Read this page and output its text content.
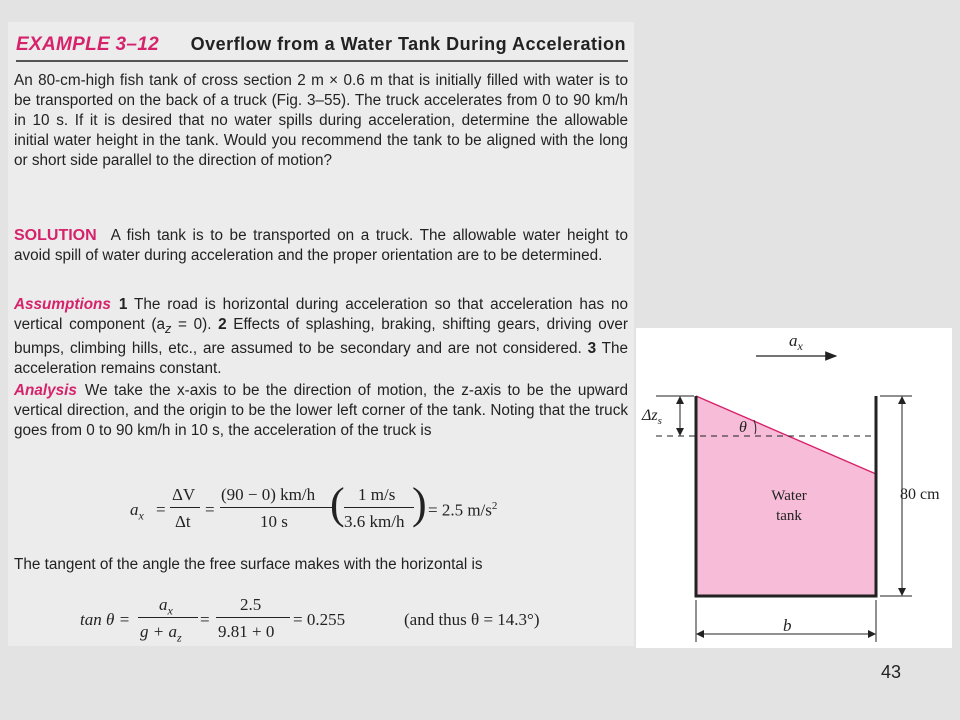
EXAMPLE 3–12 Overflow from a Water Tank During Acceleration

An 80-cm-high fish tank of cross section 2 m × 0.6 m that is initially filled with water is to be transported on the back of a truck (Fig. 3–55). The truck accelerates from 0 to 90 km/h in 10 s. If it is desired that no water spills during acceleration, determine the allowable initial water height in the tank. Would you recommend the tank to be aligned with the long or short side parallel to the direction of motion?

SOLUTION A fish tank is to be transported on a truck. The allowable water height to avoid spill of water during acceleration and the proper orientation are to be determined.

Assumptions 1 The road is horizontal during acceleration so that acceleration has no vertical component $(a_z = 0)$. 2 Effects of splashing, braking, shifting gears, driving over bumps, climbing hills, etc., are assumed to be secondary and are not considered. 3 The acceleration remains constant.

Analysis We take the x-axis to be the direction of motion, the z-axis to be the upward vertical direction, and the origin to be the lower left corner of the tank. Noting that the truck goes from 0 to 90 km/h in 10 s, the acceleration of the truck is

$a_x$ =
ΔV
Δt
=
(90 − 0) km/h
10 s ( 1 m/s
3.6 km/h ) = 2.5 $m/s^2$

The tangent of the angle the free surface makes with the horizontal is

tan θ =
$a_x$
$g + a_z$
=
2.5
9.81 + 0
= 0.255	(and thus θ = 14.3°)
$a_x$
$\Delta z_s$	θ
Water
tank
80 cm
b
43
